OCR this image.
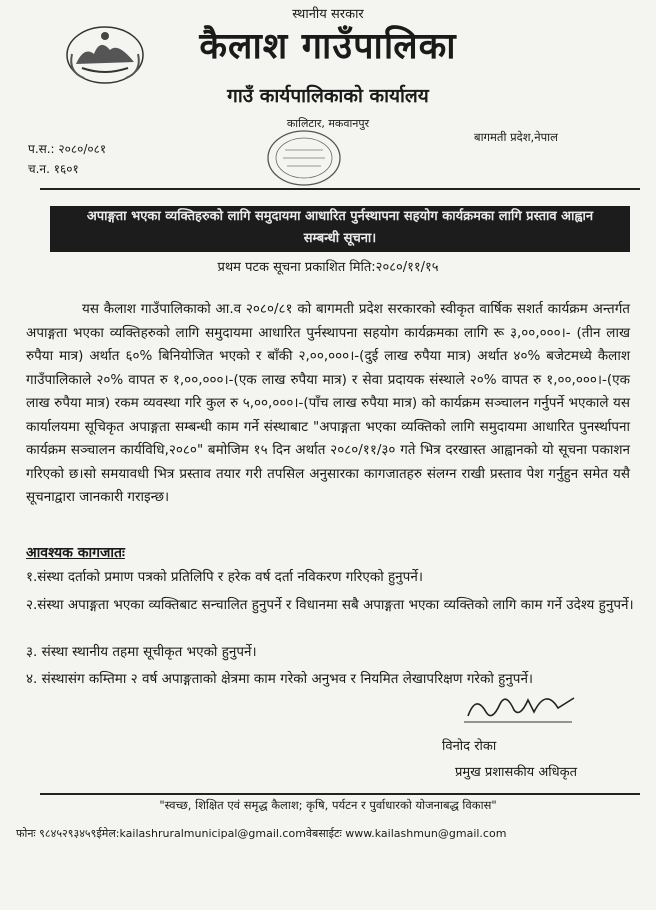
स्थानीय सरकार
कैलाश गाउँपालिका
गाउँ कार्यपालिकाको कार्यालय
कालिटार, मकवानपुर
बागमती प्रदेश,नेपाल
प.स.: २०८०/०८१
च.न. १६०१
अपाङ्गता भएका व्यक्तिहरुको लागि समुदायमा आधारित पुर्नस्थापना सहयोग कार्यक्रमका लागि प्रस्ताव आह्वान
सम्बन्धी सूचना।
प्रथम पटक सूचना प्रकाशित मिति:२०८०/११/१५
यस कैलाश गाउँपालिकाको आ.व २०८०/८१ को बागमती प्रदेश सरकारको स्वीकृत वार्षिक सशर्त कार्यक्रम अन्तर्गत अपाङ्गता भएका व्यक्तिहरुको लागि समुदायमा आधारित पुर्नस्थापना सहयोग कार्यक्रमका लागि रू ३,००,०००।- (तीन लाख रुपैया मात्र) अर्थात ६०% बिनियोजित भएको र बाँकी २,००,०००।-(दुई लाख रुपैया मात्र) अर्थात ४०% बजेटमध्ये कैलाश गाउँपालिकाले २०% वापत रु १,००,०००।-(एक लाख रुपैया मात्र) र सेवा प्रदायक संस्थाले २०% वापत रु १,००,०००।-(एक लाख रुपैया मात्र) रकम व्यवस्था गरि कुल रु ५,००,०००।-(पाँच लाख रुपैया मात्र) को कार्यक्रम सञ्चालन गर्नुपर्ने भएकाले यस कार्यालयमा सूचिकृत अपाङ्गता सम्बन्धी काम गर्ने संस्थाबाट "अपाङ्गता भएका व्यक्तिको लागि समुदायमा आधारित पुनर्स्थापना कार्यक्रम सञ्चालन कार्यविधि,२०८०" बमोजिम १५ दिन अर्थात २०८०/११/३० गते भित्र दरखास्त आह्वानको यो सूचना पकाशन गरिएको छ।सो समयावधी भित्र प्रस्ताव तयार गरी तपसिल अनुसारका कागजातहरु संलग्न राखी प्रस्ताव पेश गर्नुहुन समेत यसै सूचनाद्वारा जानकारी गराइन्छ।
आवश्यक कागजातः
१.संस्था दर्ताको प्रमाण पत्रको प्रतिलिपि र हरेक वर्ष दर्ता नविकरण गरिएको हुनुपर्ने।
२.संस्था अपाङ्गता भएका व्यक्तिबाट सन्चालित हुनुपर्ने र विधानमा सबै अपाङ्गता भएका व्यक्तिको लागि काम गर्ने उदेश्य हुनुपर्ने।
३. संस्था स्थानीय तहमा सूचीकृत भएको हुनुपर्ने।
४. संस्थासंग कम्तिमा २ वर्ष अपाङ्गताको क्षेत्रमा काम गरेको अनुभव र नियमित लेखापरिक्षण गरेको हुनुपर्ने।
विनोद रोका
प्रमुख प्रशासकीय अधिकृत
"स्वच्छ, शिक्षित एवं समृद्ध कैलाश; कृषि, पर्यटन र पुर्वाधारको योजनाबद्ध विकास"
फोनः ९८४५२९३४५९ईमेल:kailashruralmunicipal@gmail.comवेबसाईटः www.kailashmun@gmail.com
